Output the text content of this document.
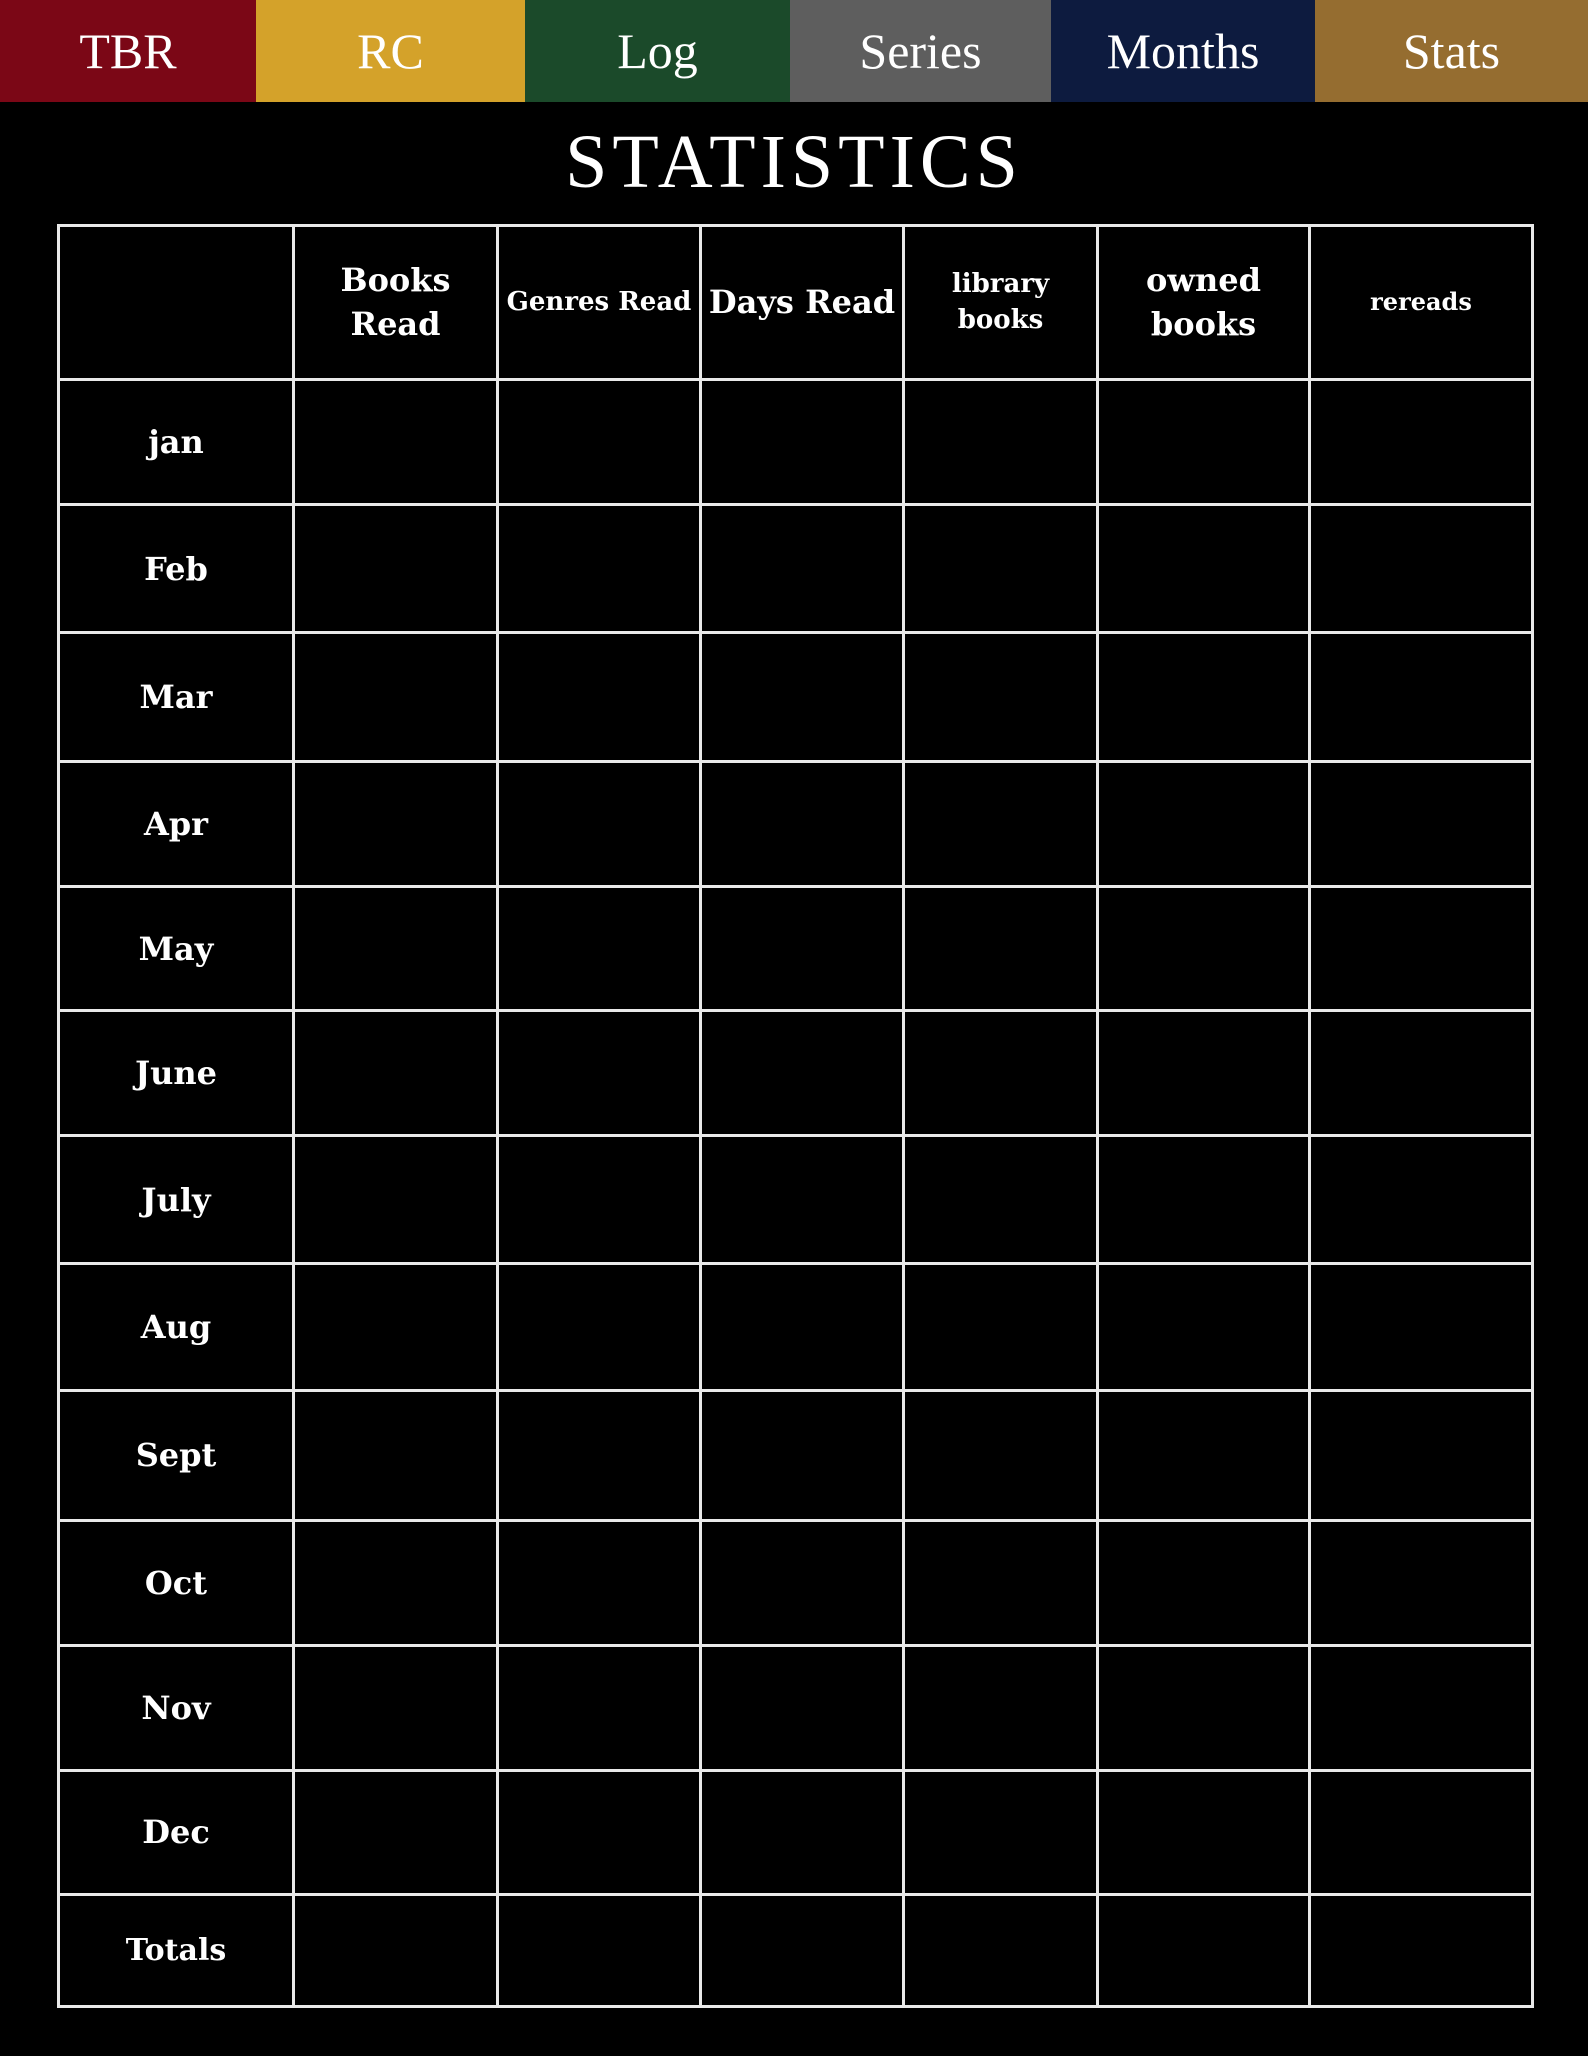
TBR	RC	Log	Series	Months	Stats
STATISTICS
	Books Read	Genres Read	Days Read	library books	owned books	rereads
jan						
Feb						
Mar						
Apr						
May						
June						
July						
Aug						
Sept						
Oct						
Nov						
Dec						
Totals						
